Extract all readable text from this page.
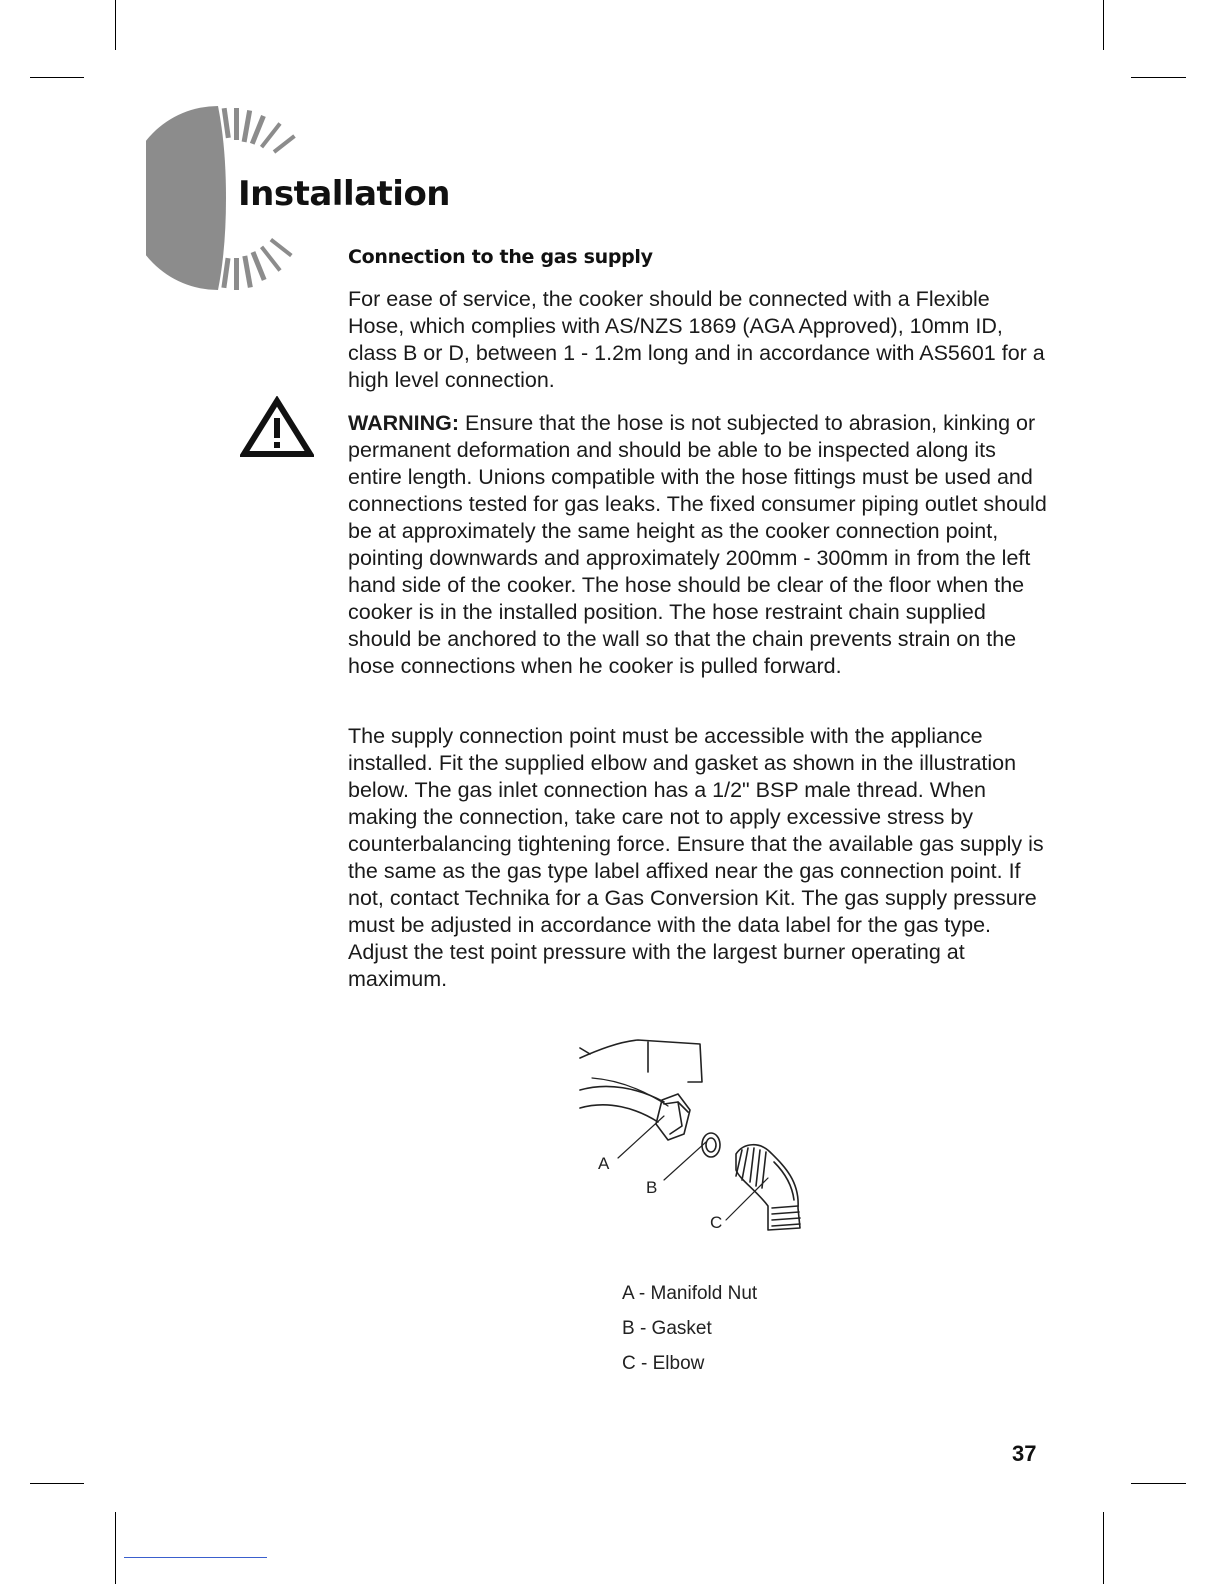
Installation
Connection to the gas supply

For ease of service, the cooker should be connected with a Flexible Hose, which complies with AS/NZS 1869 (AGA Approved), 10mm ID, class B or D, between 1 - 1.2m long and in accordance with AS5601 for a high level connection.

WARNING: Ensure that the hose is not subjected to abrasion, kinking or permanent deformation and should be able to be inspected along its entire length. Unions compatible with the hose fittings must be used and connections tested for gas leaks. The fixed consumer piping outlet should be at approximately the same height as the cooker connection point, pointing downwards and approximately 200mm - 300mm in from the left hand side of the cooker. The hose should be clear of the floor when the cooker is in the installed position. The hose restraint chain supplied should be anchored to the wall so that the chain prevents strain on the hose connections when he cooker is pulled forward.

The supply connection point must be accessible with the appliance installed. Fit the supplied elbow and gasket as shown in the illustration below. The gas inlet connection has a 1/2" BSP male thread. When making the connection, take care not to apply excessive stress by counterbalancing tightening force. Ensure that the available gas supply is the same as the gas type label affixed near the gas connection point. If not, contact Technika for a Gas Conversion Kit. The gas supply pressure must be adjusted in accordance with the data label for the gas type. Adjust the test point pressure with the largest burner operating at maximum.

A
B
C
A - Manifold Nut
B - Gasket
C - Elbow
37
